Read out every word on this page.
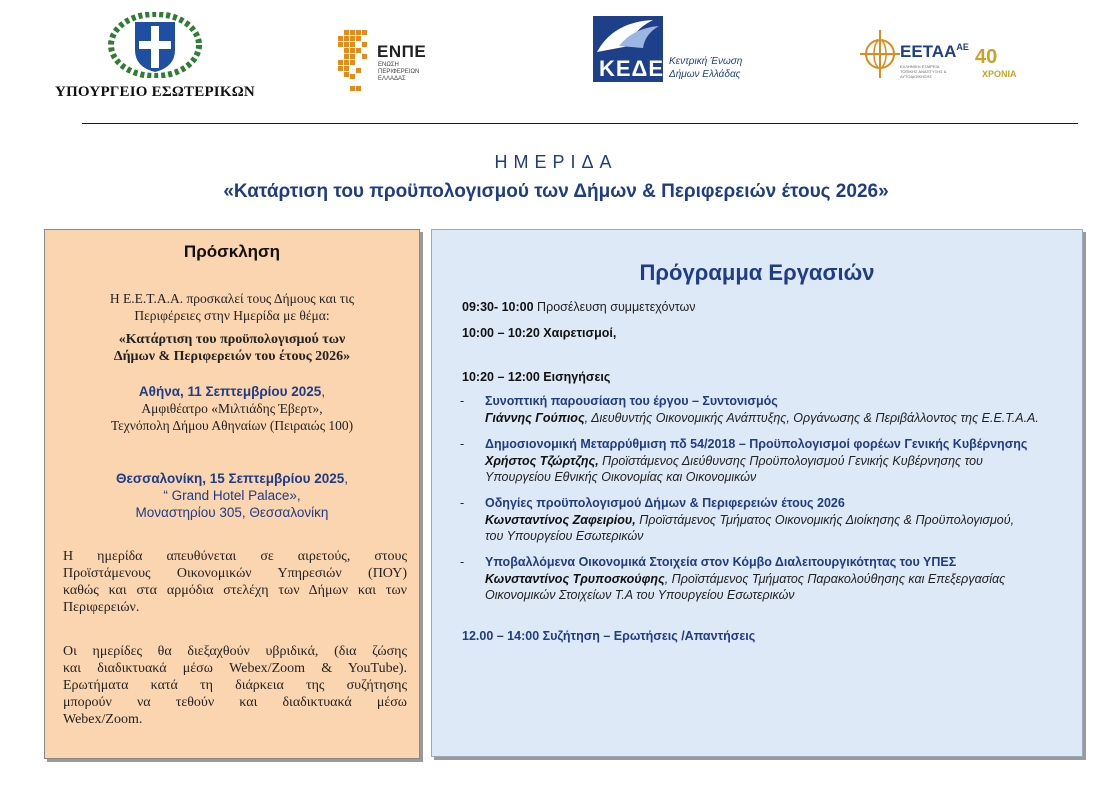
ΥΠΟΥΡΓΕΙΟ ΕΣΩΤΕΡΙΚΩΝ
ΕΝΠΕ
ΕΝΩΣΗ ΠΕΡΙΦΕΡΕΙΩΝ ΕΛΛΑΔΑΣ	ΚΕΔΕ Κεντρική Ένωση
Δήμων Ελλάδας
$EETAA^{AE}$
ΕΛΛΗΝΙΚΗ ΕΤΑΙΡΕΙΑ ΤΟΠΙΚΗΣ ΑΝΑΠΤΥΞΗΣ & ΑΥΤΟΔΙΟΙΚΗΣΗΣ
40
ΧΡΟΝΙΑ
ΗΜΕΡΙΔΑ
«Κατάρτιση του προϋπολογισμού των Δήμων & Περιφερειών έτους 2026»
Πρόσκληση
Η Ε.Ε.Τ.Α.Α. προσκαλεί τους Δήμους και τις
Περιφέρειες στην Ημερίδα με θέμα:
«Κατάρτιση του προϋπολογισμού των
Δήμων & Περιφερειών του έτους 2026»
Αθήνα, 11 Σεπτεμβρίου 2025,
Αμφιθέατρο «Μιλτιάδης Έβερτ»,
Τεχνόπολη Δήμου Αθηναίων (Πειραιώς 100)
Θεσσαλονίκη, 15 Σεπτεμβρίου 2025,
“ Grand Hotel Palace»,
Μοναστηρίου 305, Θεσσαλονίκη
Η ημερίδα απευθύνεται σε αιρετούς, στους
Προϊστάμενους Οικονομικών Υπηρεσιών (ΠΟΥ)
καθώς και στα αρμόδια στελέχη των Δήμων και των
Περιφερειών.
Οι ημερίδες θα διεξαχθούν υβριδικά, (δια ζώσης
και διαδικτυακά μέσω Webex/Zoom & YouTube).
Ερωτήματα κατά τη διάρκεια της συζήτησης
μπορούν να τεθούν και διαδικτυακά μέσω
Webex/Zoom.
Πρόγραμμα Εργασιών
09:30- 10:00 Προσέλευση συμμετεχόντων
10:00 – 10:20 Χαιρετισμοί,
10:20 – 12:00 Εισηγήσεις
- Συνοπτική παρουσίαση του έργου – Συντονισμός
Γιάννης Γούπιος, Διευθυντής Οικονομικής Ανάπτυξης, Οργάνωσης & Περιβάλλοντος της Ε.Ε.Τ.Α.Α.
- Δημοσιονομική Μεταρρύθμιση πδ 54/2018 – Προϋπολογισμοί φορέων Γενικής Κυβέρνησης
Χρήστος Τζώρτζης, Προϊστάμενος Διεύθυνσης Προϋπολογισμού Γενικής Κυβέρνησης του
Υπουργείου Εθνικής Οικονομίας και Οικονομικών
- Οδηγίες προϋπολογισμού Δήμων & Περιφερειών έτους 2026
Κωνσταντίνος Ζαφειρίου, Προϊστάμενος Τμήματος Οικονομικής Διοίκησης & Προϋπολογισμού,
του Υπουργείου Εσωτερικών
- Υποβαλλόμενα Οικονομικά Στοιχεία στον Κόμβο Διαλειτουργικότητας του ΥΠΕΣ
Κωνσταντίνος Τρυποσκούφης, Προϊστάμενος Τμήματος Παρακολούθησης και Επεξεργασίας
Οικονομικών Στοιχείων Τ.Α του Υπουργείου Εσωτερικών
12.00 – 14:00 Συζήτηση – Ερωτήσεις /Απαντήσεις
